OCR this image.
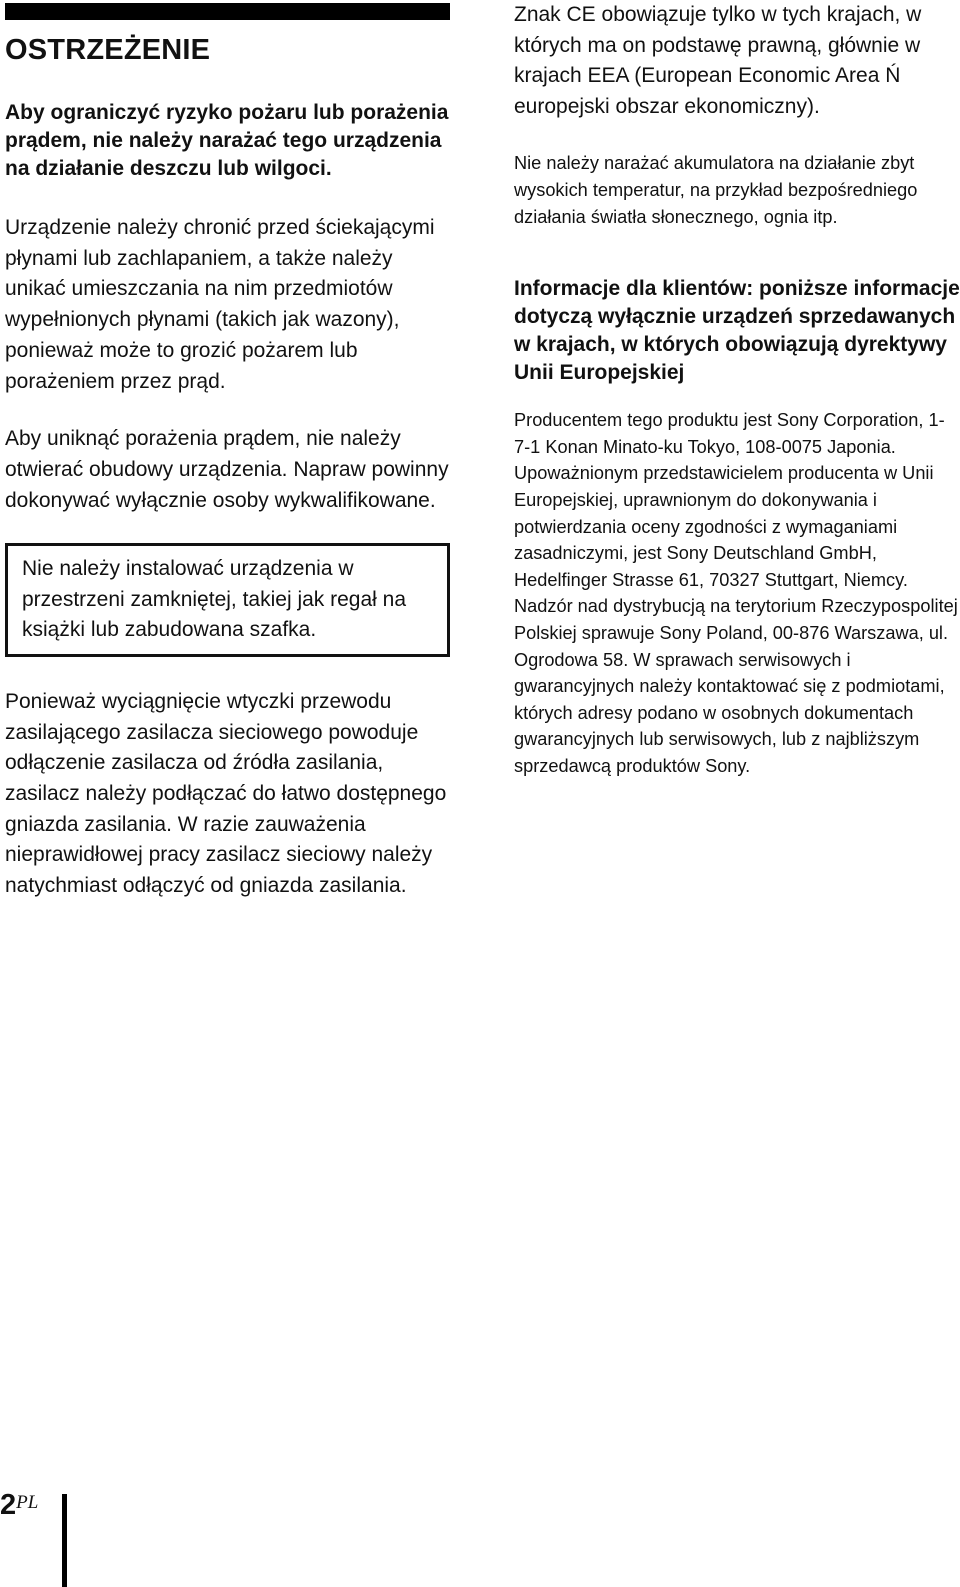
OSTRZEŻENIE

Aby ograniczyć ryzyko pożaru lub porażenia prądem, nie należy narażać tego urządzenia na działanie deszczu lub wilgoci.

Urządzenie należy chronić przed ściekającymi płynami lub zachlapaniem, a także należy unikać umieszczania na nim przedmiotów wypełnionych płynami (takich jak wazony), ponieważ może to grozić pożarem lub porażeniem przez prąd.

Aby uniknąć porażenia prądem, nie należy otwierać obudowy urządzenia. Napraw powinny dokonywać wyłącznie osoby wykwalifikowane.

Nie należy instalować urządzenia w przestrzeni zamkniętej, takiej jak regał na książki lub zabudowana szafka.

Ponieważ wyciągnięcie wtyczki przewodu zasilającego zasilacza sieciowego powoduje odłączenie zasilacza od źródła zasilania, zasilacz należy podłączać do łatwo dostępnego gniazda zasilania. W razie zauważenia nieprawidłowej pracy zasilacz sieciowy należy natychmiast odłączyć od gniazda zasilania.

Znak CE obowiązuje tylko w tych krajach, w których ma on podstawę prawną, głównie w krajach EEA (European Economic Area Ń europejski obszar ekonomiczny).

Nie należy narażać akumulatora na działanie zbyt wysokich temperatur, na przykład bezpośredniego działania światła słonecznego, ognia itp.

Informacje dla klientów: poniższe informacje dotyczą wyłącznie urządzeń sprzedawanych w krajach, w których obowiązują dyrektywy Unii Europejskiej

Producentem tego produktu jest Sony Corporation, 1-7-1 Konan Minato-ku Tokyo, 108-0075 Japonia. Upoważnionym przedstawicielem producenta w Unii Europejskiej, uprawnionym do dokonywania i potwierdzania oceny zgodności z wymaganiami zasadniczymi, jest Sony Deutschland GmbH, Hedelfinger Strasse 61, 70327 Stuttgart, Niemcy. Nadzór nad dystrybucją na terytorium Rzeczypospolitej Polskiej sprawuje Sony Poland, 00-876 Warszawa, ul. Ogrodowa 58. W sprawach serwisowych i gwarancyjnych należy kontaktować się z podmiotami, których adresy podano w osobnych dokumentach gwarancyjnych lub serwisowych, lub z najbliższym sprzedawcą produktów Sony.

2$^{PL}$
